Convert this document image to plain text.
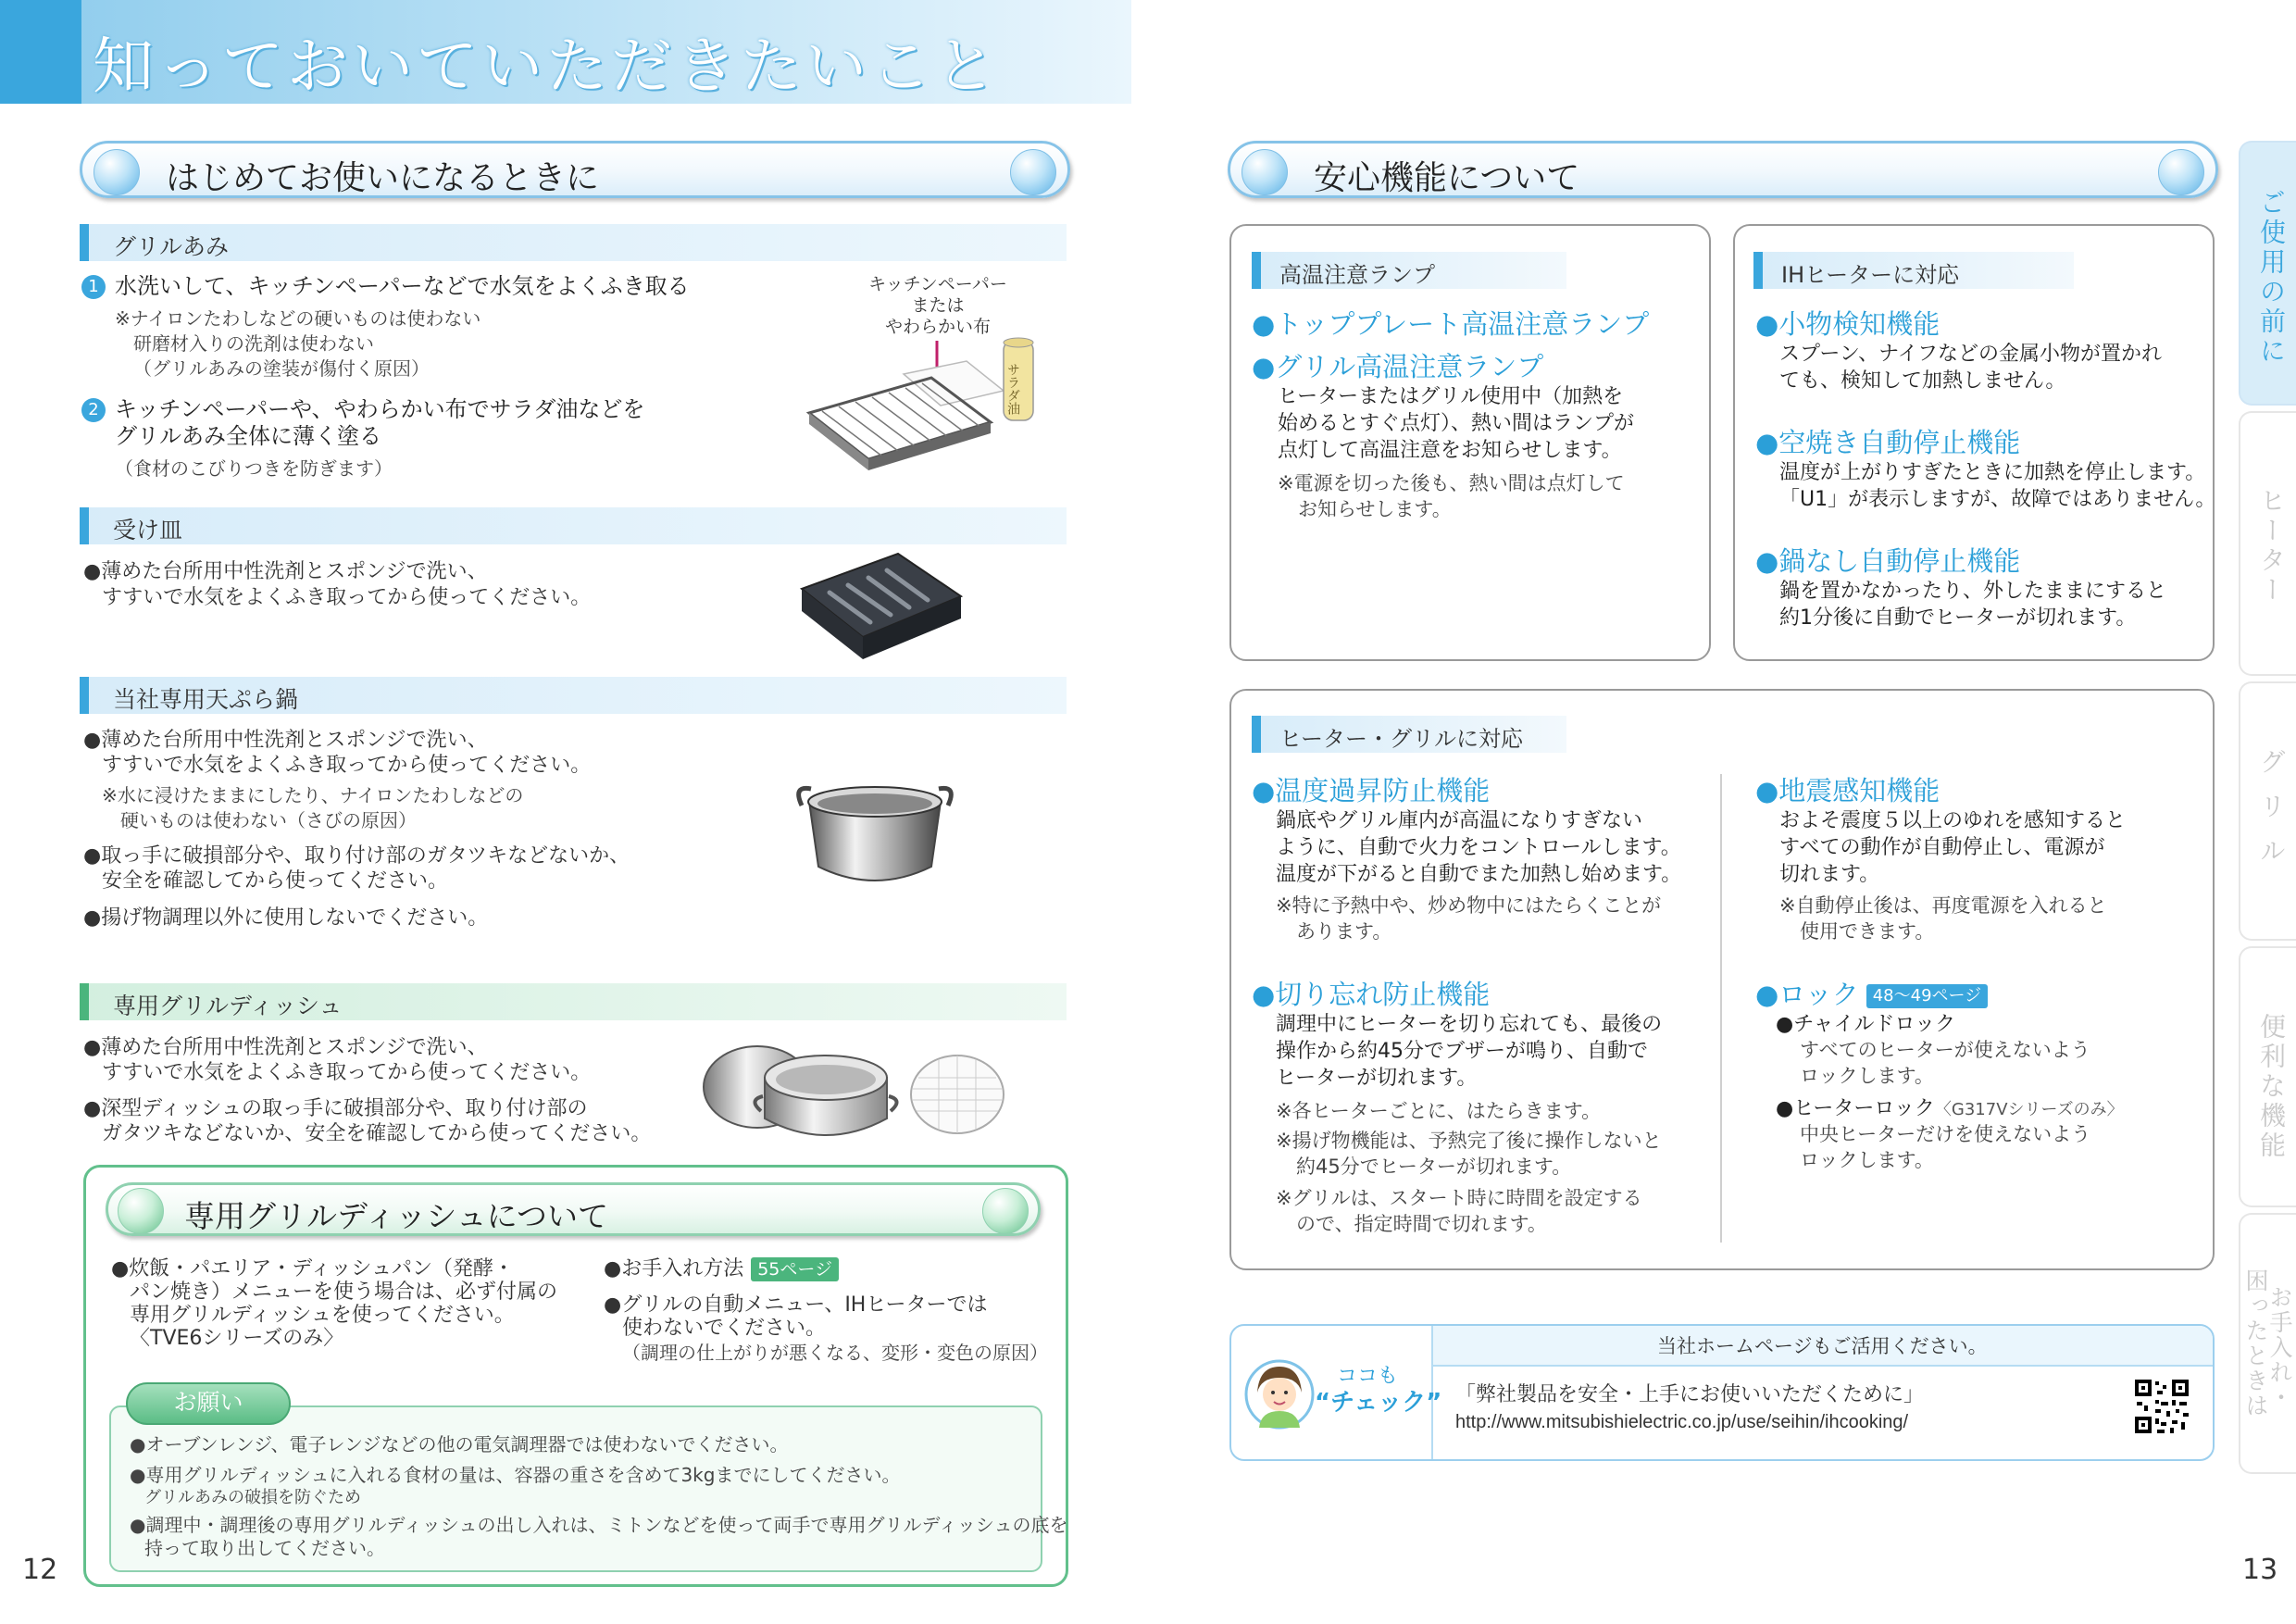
知っておいていただきたいこと
はじめてお使いになるときに
グリルあみ
1 水洗いして、キッチンペーパーなどで水気をよくふき取る
※ナイロンたわしなどの硬いものは使わない
研磨材入りの洗剤は使わない
（グリルあみの塗装が傷付く原因）
2 キッチンペーパーや、やわらかい布でサラダ油などを
グリルあみ全体に薄く塗る
（食材のこびりつきを防ぎます）
キッチンペーパー
または
やわらかい布
サラダ油
受け皿
●薄めた台所用中性洗剤とスポンジで洗い、
すすいで水気をよくふき取ってから使ってください。
当社専用天ぷら鍋
●薄めた台所用中性洗剤とスポンジで洗い、
すすいで水気をよくふき取ってから使ってください。
※水に浸けたままにしたり、ナイロンたわしなどの
硬いものは使わない（さびの原因）
●取っ手に破損部分や、取り付け部のガタツキなどないか、
安全を確認してから使ってください。
●揚げ物調理以外に使用しないでください。
専用グリルディッシュ
●薄めた台所用中性洗剤とスポンジで洗い、
すすいで水気をよくふき取ってから使ってください。
●深型ディッシュの取っ手に破損部分や、取り付け部の
ガタツキなどないか、安全を確認してから使ってください。
専用グリルディッシュについて
●炊飯・パエリア・ディッシュパン（発酵・
パン焼き）メニューを使う場合は、必ず付属の
専用グリルディッシュを使ってください。
〈TVE6シリーズのみ〉
●お手入れ方法 55ページ
●グリルの自動メニュー、IHヒーターでは
使わないでください。
（調理の仕上がりが悪くなる、変形・変色の原因）
お願い
●オーブンレンジ、電子レンジなどの他の電気調理器では使わないでください。
●専用グリルディッシュに入れる食材の量は、容器の重さを含めて3kgまでにしてください。
グリルあみの破損を防ぐため
●調理中・調理後の専用グリルディッシュの出し入れは、ミトンなどを使って両手で専用グリルディッシュの底を
持って取り出してください。
12
安心機能について
高温注意ランプ
●トッププレート高温注意ランプ
●グリル高温注意ランプ
ヒーターまたはグリル使用中（加熱を
始めるとすぐ点灯）、熱い間はランプが
点灯して高温注意をお知らせします。
※電源を切った後も、熱い間は点灯して
お知らせします。
IHヒーターに対応
●小物検知機能
スプーン、ナイフなどの金属小物が置かれ
ても、検知して加熱しません。
●空焼き自動停止機能
温度が上がりすぎたときに加熱を停止します。
「U1」が表示しますが、故障ではありません。
●鍋なし自動停止機能
鍋を置かなかったり、外したままにすると
約1分後に自動でヒーターが切れます。
ヒーター・グリルに対応
●温度過昇防止機能
鍋底やグリル庫内が高温になりすぎない
ように、自動で火力をコントロールします。
温度が下がると自動でまた加熱し始めます。
※特に予熱中や、炒め物中にはたらくことが
あります。
●切り忘れ防止機能
調理中にヒーターを切り忘れても、最後の
操作から約45分でブザーが鳴り、自動で
ヒーターが切れます。
※各ヒーターごとに、はたらきます。
※揚げ物機能は、予熱完了後に操作しないと
約45分でヒーターが切れます。
※グリルは、スタート時に時間を設定する
ので、指定時間で切れます。
●地震感知機能
およそ震度５以上のゆれを感知すると
すべての動作が自動停止し、電源が
切れます。
※自動停止後は、再度電源を入れると
使用できます。
●ロック 48〜49ページ
●チャイルドロック
すべてのヒーターが使えないよう
ロックします。
●ヒーターロック〈G317Vシリーズのみ〉
中央ヒーターだけを使えないよう
ロックします。
当社ホームページもご活用ください。
ココも
“チェック” 「弊社製品を安全・上手にお使いいただくために」
http://www.mitsubishielectric.co.jp/use/seihin/ihcooking/
13
ご使用の前に
ヒーター
グリル
便利な機能
お手入れ・
困ったときは
